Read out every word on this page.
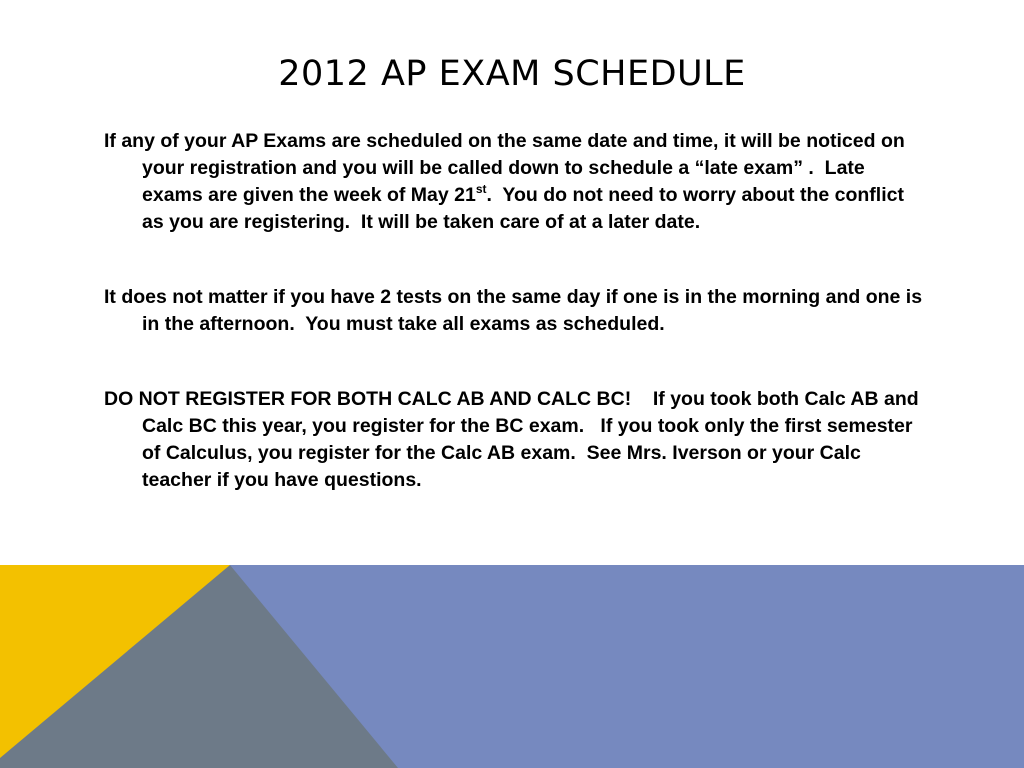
2012 AP EXAM SCHEDULE

If any of your AP Exams are scheduled on the same date and time, it will be noticed on your registration and you will be called down to schedule a “late exam” .  Late exams are given the week of May 21st.  You do not need to worry about the conflict as you are registering.  It will be taken care of at a later date.

It does not matter if you have 2 tests on the same day if one is in the morning and one is in the afternoon.  You must take all exams as scheduled.

DO NOT REGISTER FOR BOTH CALC AB AND CALC BC!    If you took both Calc AB and Calc BC this year, you register for the BC exam.   If you took only the first semester of Calculus, you register for the Calc AB exam.  See Mrs. Iverson or your Calc teacher if you have questions.
